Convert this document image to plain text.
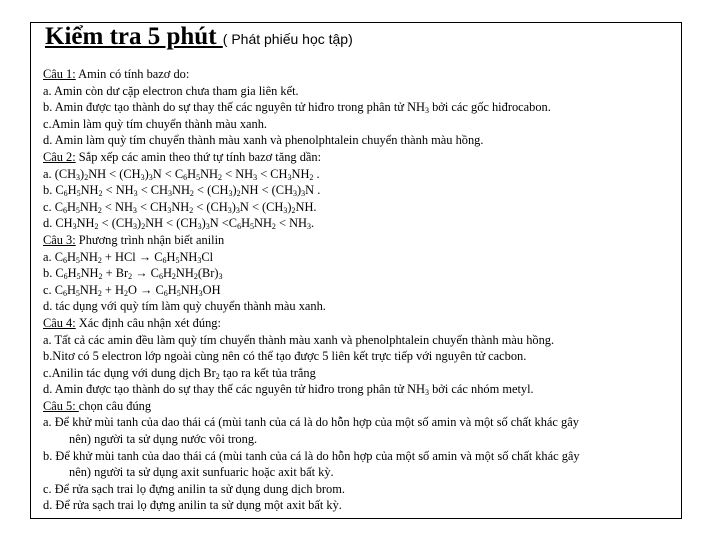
Kiểm tra 5 phút ( Phát phiếu học tập)
Câu 1: Amin có tính bazơ do:
a. Amin còn dư cặp electron chưa tham gia liên kết.
b. Amin được tạo thành do sự thay thế các nguyên tử hiđro trong phân tử $NH_3$ bởi các gốc hiđrocabon.
c.Amin làm quỳ tím chuyển thành màu xanh.
d. Amin làm quỳ tím chuyển thành màu xanh và phenolphtalein chuyển thành màu hồng.
Câu 2: Sắp xếp các amin theo thứ tự tính bazơ tăng dần:
a. $(CH_3)_2NH < (CH_3)_3N < C_6H_5NH_2 < NH_3 < CH_3NH_2$ .
b. $C_6H_5NH_2 < NH_3 < CH_3NH_2 < (CH_3)_2NH < (CH_3)_3N$ .
c. $C_6H_5NH_2 < NH_3 < CH_3NH_2 < (CH_3)_3N < (CH_3)_2NH$.
d. $CH_3NH_2 < (CH_3)_2NH < (CH_3)_3N <C_6H_5NH_2 < NH_3$.
Câu 3: Phương trình nhận biết anilin
a. $C_6H_5NH_2$ + HCl → $C_6H_5NH_3Cl$
b. $C_6H_5NH_2 + Br_2 \to C_6H_2NH_2(Br)_3$
c. $C_6H_5NH_2 + H_2O \to C_6H_5NH_3OH$
d. tác dụng với quỳ tím làm quỳ chuyển thành màu xanh.
Câu 4: Xác định câu nhận xét đúng:
a. Tất cả các amin đều làm quỳ tím chuyển thành màu xanh và phenolphtalein chuyển thành màu hồng.
b.Nitơ có 5 electron lớp ngoài cùng nên có thể tạo được 5 liên kết trực tiếp với nguyên tử cacbon.
c.Anilin tác dụng với dung dịch $Br_2$ tạo ra kết tủa trắng
d. Amin được tạo thành do sự thay thế các nguyên tử hiđro trong phân tử $NH_3$ bởi các nhóm metyl.
Câu 5: chọn câu đúng
a. Để khử mùi tanh của dao thái cá (mùi tanh của cá là do hỗn hợp của một số amin và một số chất khác gây
nên) người ta sử dụng nước vôi trong.
b. Để khử mùi tanh của dao thái cá (mùi tanh của cá là do hỗn hợp của một số amin và một số chất khác gây
nên) người ta sử dụng axit sunfuaric hoặc axit bất kỳ.
c. Để rửa sạch trai lọ đựng anilin ta sử dụng dung dịch brom.
d. Để rửa sạch trai lọ đựng anilin ta sử dụng một axit bất kỳ.
